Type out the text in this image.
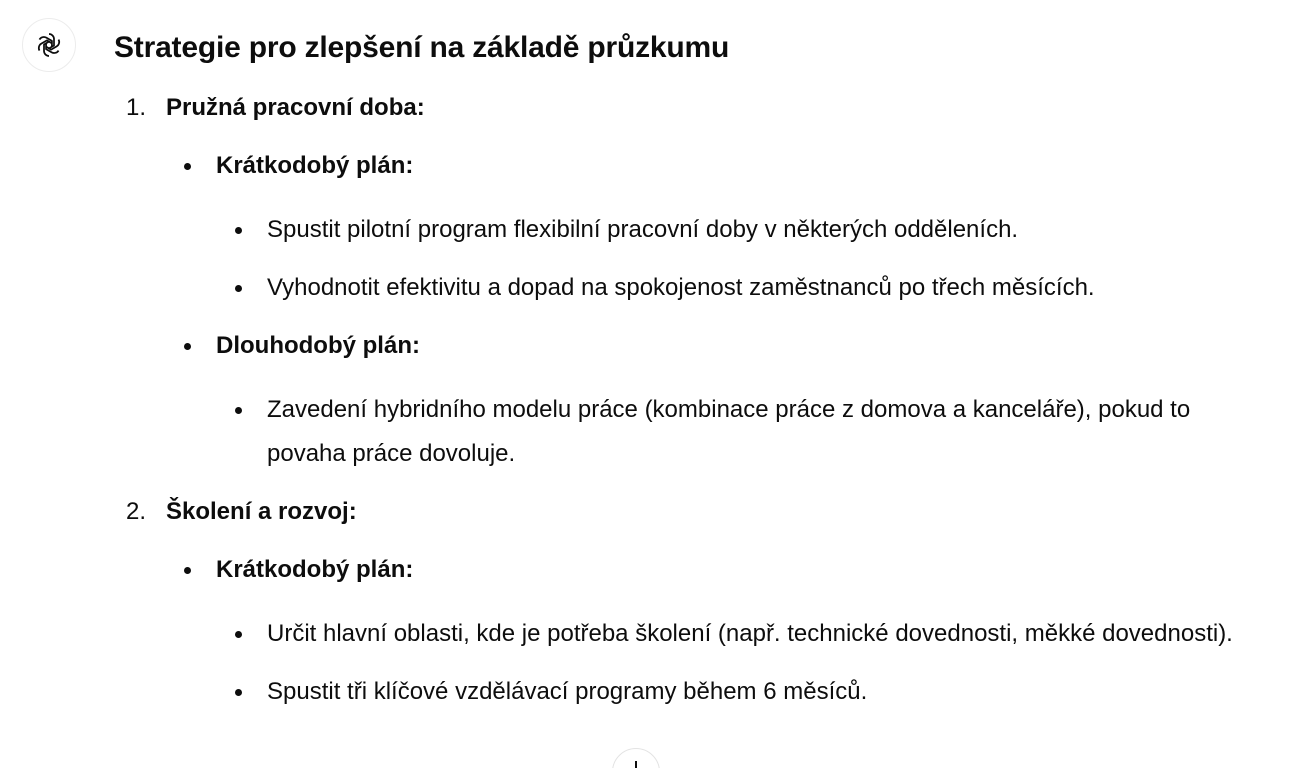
Strategie pro zlepšení na základě průzkumu
1. Pružná pracovní doba:
Krátkodobý plán:
Spustit pilotní program flexibilní pracovní doby v některých odděleních.
Vyhodnotit efektivitu a dopad na spokojenost zaměstnanců po třech měsících.
Dlouhodobý plán:
Zavedení hybridního modelu práce (kombinace práce z domova a kanceláře), pokud to povaha práce dovoluje.
2. Školení a rozvoj:
Krátkodobý plán:
Určit hlavní oblasti, kde je potřeba školení (např. technické dovednosti, měkké dovednosti).
Spustit tři klíčové vzdělávací programy během 6 měsíců.
